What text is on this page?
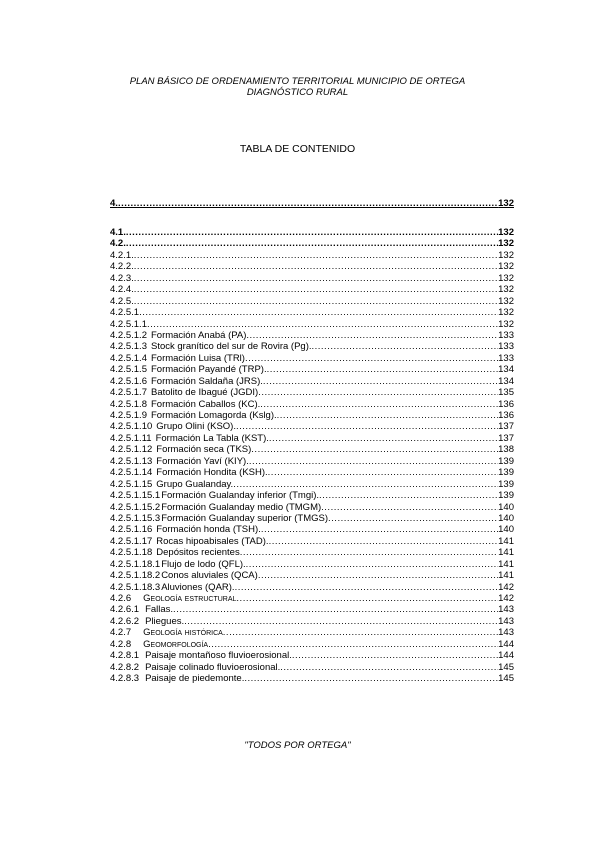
PLAN BÁSICO DE ORDENAMIENTO TERRITORIAL MUNICIPIO DE ORTEGA
DIAGNÓSTICO RURAL
TABLA DE CONTENIDO
4. .....	132
4.1. .....	132
4.2. .....	132
4.2.1. .....	132
4.2.2. .....	132
4.2.3. .....	132
4.2.4. .....	132
4.2.5. .....	132
4.2.5.1 .....	132
4.2.5.1.1 .....	132
4.2.5.1.2 Formación Anabá (PA) .....	133
4.2.5.1.3 Stock granítico del sur de Rovira (Pg). .....	133
4.2.5.1.4 Formación Luisa (TRl) .....	133
4.2.5.1.5 Formación Payandé (TRP). .....	134
4.2.5.1.6 Formación Saldaña (JRS). .....	134
4.2.5.1.7 Batolito de Ibagué (JGDI) .....	135
4.2.5.1.8 Formación Caballos (KC). .....	136
4.2.5.1.9 Formación Lomagorda (Kslg). .....	136
4.2.5.1.10 Grupo Olini (KSO). .....	137
4.2.5.1.11 Formación La Tabla (KST). .....	137
4.2.5.1.12 Formación seca (TKS) .....	138
4.2.5.1.13 Formación Yaví (KIY). .....	139
4.2.5.1.14 Formación Hondita (KSH). .....	139
4.2.5.1.15 Grupo Gualanday. .....	139
4.2.5.1.15.1 Formación Gualanday inferior (Tmgi). .....	139
4.2.5.1.15.2 Formación Gualanday medio (TMGM) .....	140
4.2.5.1.15.3 Formación Gualanday superior (TMGS) .....	140
4.2.5.1.16 Formación honda (TSH). .....	140
4.2.5.1.17 Rocas hipoabisales (TAD). .....	141
4.2.5.1.18 Depósitos recientes .....	141
4.2.5.1.18.1 Flujo de lodo (QFL). .....	141
4.2.5.1.18.2 Conos aluviales (QCA) .....	141
4.2.5.1.18.3 Aluviones (QAR). .....	142
4.2.6 Geología estructural .....	142
4.2.6.1 Fallas. .....	143
4.2.6.2 Pliegues. .....	143
4.2.7 Geología histórica .....	143
4.2.8 Geomorfología .....	144
4.2.8.1 Paisaje montañoso fluvioerosional. .....	144
4.2.8.2 Paisaje colinado fluvioerosional. .....	145
4.2.8.3 Paisaje de piedemonte. .....	145
"TODOS POR ORTEGA"
